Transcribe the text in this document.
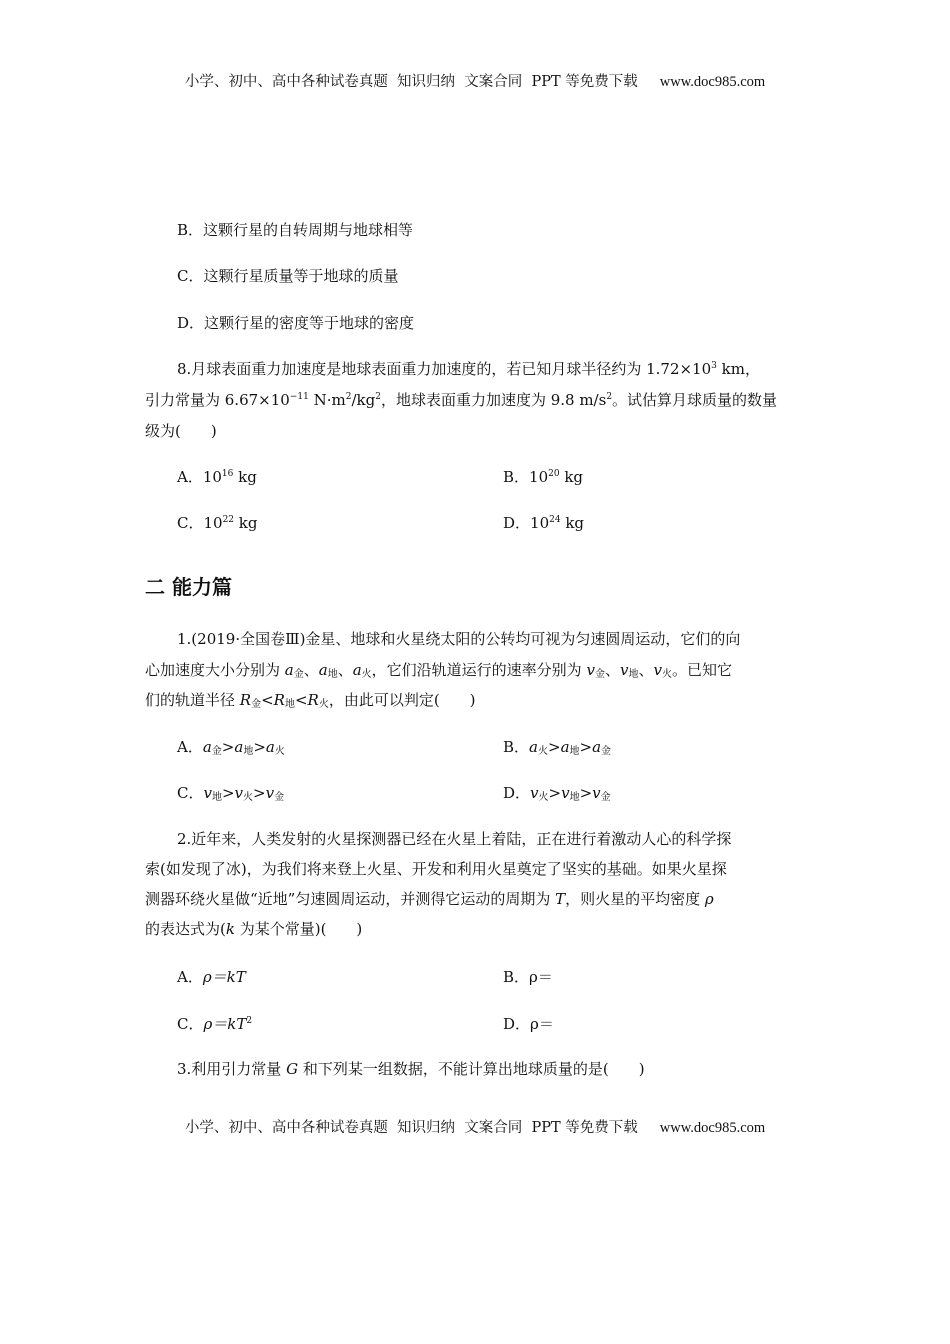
小学、初中、高中各种试卷真题  知识归纳  文案合同  PPT 等免费下载 www.doc985.com
B．这颗行星的自转周期与地球相等
C．这颗行星质量等于地球的质量
D．这颗行星的密度等于地球的密度
8.月球表面重力加速度是地球表面重力加速度的，若已知月球半径约为 $1.72\times 10^3$ km，
引力常量为 $6.67\times 10^{-11}$ $N\cdot m^2/kg^2$，地球表面重力加速度为 9.8 $m/s^2$。试估算月球质量的数量
级为(　　)
A．$10^{16}$ kg	B．$10^{20}$ kg
C．$10^{22}$ kg	D．$10^{24}$ kg
二 能力篇
1.(2019·全国卷Ⅲ)金星、地球和火星绕太阳的公转均可视为匀速圆周运动，它们的向
心加速度大小分别为 $a_金$、$a_地$、$a_火$，它们沿轨道运行的速率分别为 $v_金$、$v_地$、$v_火$。已知它
们的轨道半径 $R_金<R_地<R_火$，由此可以判定(　　)
A．$a_金>a_地>a_火$	B．$a_火>a_地>a_金$
C．$v_地>v_火>v_金$	D．$v_火>v_地>v_金$
2.近年来，人类发射的火星探测器已经在火星上着陆，正在进行着激动人心的科学探
索(如发现了冰)，为我们将来登上火星、开发和利用火星奠定了坚实的基础。如果火星探
测器环绕火星做“近地”匀速圆周运动，并测得它运动的周期为 T，则火星的平均密度 ρ
的表达式为(k 为某个常量)(　　)
A．ρ＝kT	B．ρ＝
C．$\rho=kT^2$	D．ρ＝
3.利用引力常量 G 和下列某一组数据，不能计算出地球质量的是(　　)
小学、初中、高中各种试卷真题  知识归纳  文案合同  PPT 等免费下载 www.doc985.com
